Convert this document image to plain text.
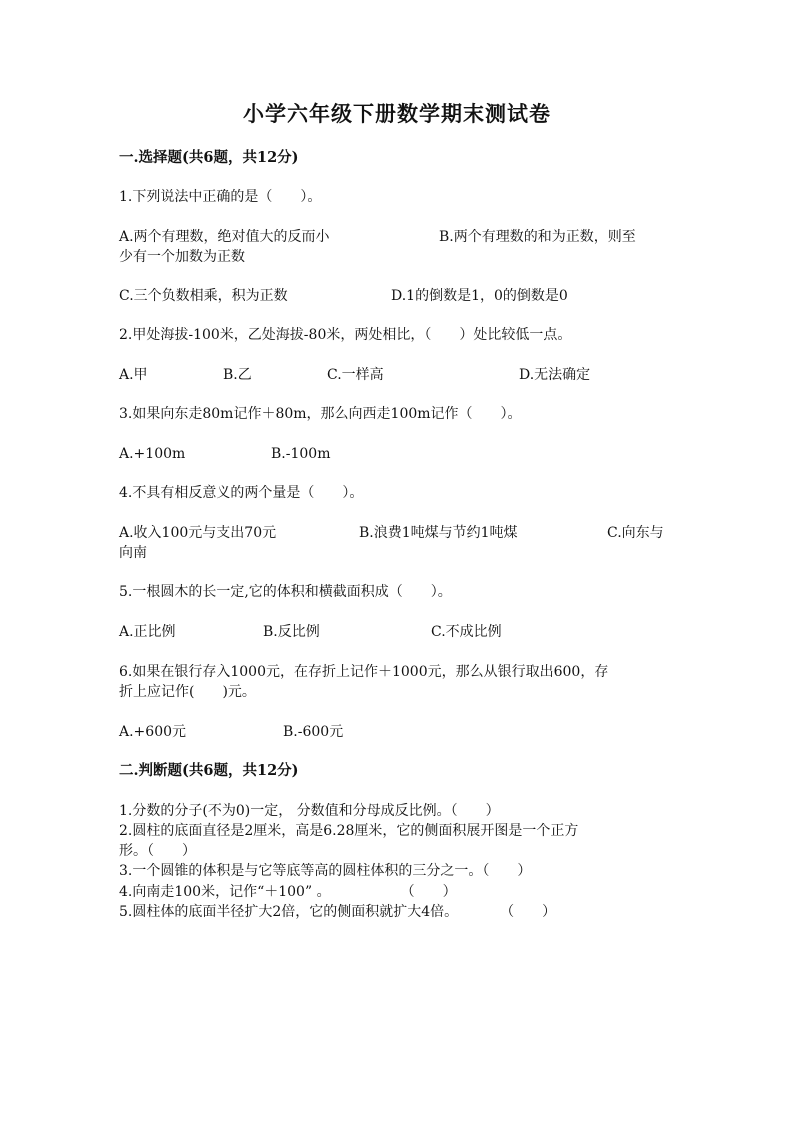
小学六年级下册数学期末测试卷
一.选择题(共6题，共12分)
1.下列说法中正确的是（　　）。
A.两个有理数，绝对值大的反而小	B.两个有理数的和为正数，则至
少有一个加数为正数
C.三个负数相乘，积为正数	D.1的倒数是1，0的倒数是0
2.甲处海拔-100米，乙处海拔-80米，两处相比，（　　）处比较低一点。
A.甲	B.乙	C.一样高	D.无法确定
3.如果向东走80m记作＋80m，那么向西走100m记作（　　）。
A.+100m	B.-100m
4.不具有相反意义的两个量是（　　）。
A.收入100元与支出70元	B.浪费1吨煤与节约1吨煤	C.向东与
向南
5.一根圆木的长一定,它的体积和横截面积成（　　）。
A.正比例	B.反比例	C.不成比例
6.如果在银行存入1000元，在存折上记作＋1000元，那么从银行取出600，存
折上应记作(　　)元。
A.+600元	B.-600元
二.判断题(共6题，共12分)
1.分数的分子(不为0)一定， 分数值和分母成反比例。（　　）
2.圆柱的底面直径是2厘米，高是6.28厘米，它的侧面积展开图是一个正方
形。（　　）
3.一个圆锥的体积是与它等底等高的圆柱体积的三分之一。（　　）
4.向南走100米，记作“＋100” 。　　　　　　（　　）
5.圆柱体的底面半径扩大2倍，它的侧面积就扩大4倍。　　　　（　　）
